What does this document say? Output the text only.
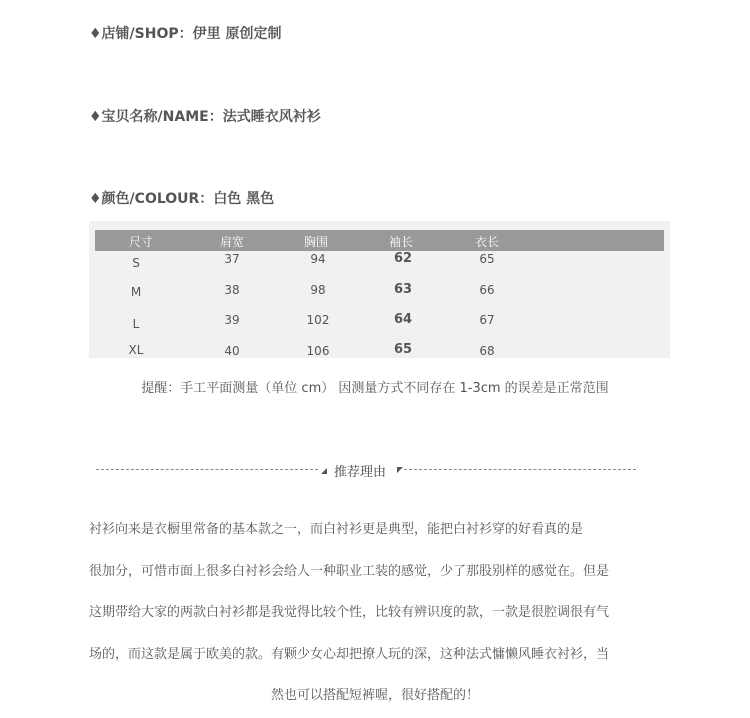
♦店铺/SHOP：伊里 原创定制
♦宝贝名称/NAME：法式睡衣风衬衫
♦颜色/COLOUR：白色 黑色
尺寸	肩宽	胸围	袖长	衣长
S	37	94	62	65
M	38	98	63	66
L	39	102	64	67
XL	40	106	65	68
提醒：手工平面测量（单位 cm） 因测量方式不同存在 1-3cm 的误差是正常范围
推荐理由
衬衫向来是衣橱里常备的基本款之一，而白衬衫更是典型，能把白衬衫穿的好看真的是
很加分，可惜市面上很多白衬衫会给人一种职业工装的感觉，少了那股别样的感觉在。但是
这期带给大家的两款白衬衫都是我觉得比较个性，比较有辨识度的款，一款是很腔调很有气
场的，而这款是属于欧美的款。有颗少女心却把撩人玩的深，这种法式慵懒风睡衣衬衫，当
然也可以搭配短裤喔，很好搭配的！
